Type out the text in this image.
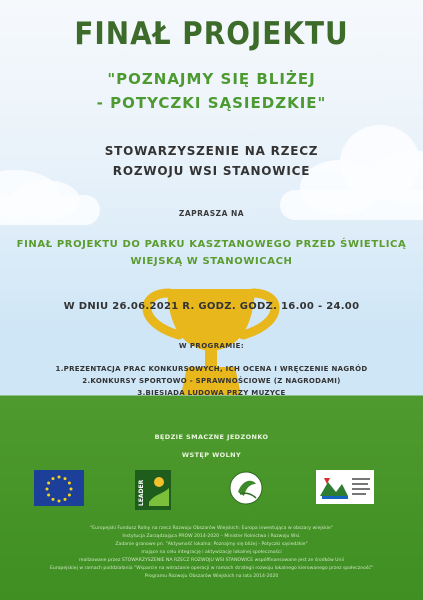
FINAŁ PROJEKTU
"POZNAJMY SIĘ BLIŻEJ
- POTYCZKI SĄSIEDZKIE"
STOWARZYSZENIE NA RZECZ
ROZWOJU WSI STANOWICE
ZAPRASZA NA
FINAŁ PROJEKTU DO PARKU KASZTANOWEGO PRZED ŚWIETLICĄ
WIEJSKĄ W STANOWICACH
W DNIU 26.06.2021 R. GODZ. GODZ. 16.00 - 24.00
W PROGRAMIE:
1.PREZENTACJA PRAC KONKURSOWYCH, ICH OCENA I WRĘCZENIE NAGRÓD
2.KONKURSY SPORTOWO - SPRAWNOŚCIOWE (Z NAGRODAMI)
3.BIESIADA LUDOWA PRZY MUZYCE
BĘDZIE SMACZNE JEDZONKO
WSTĘP WOLNY
LEADER
"Europejski Fundusz Rolny na rzecz Rozwoju Obszarów Wiejskich: Europa inwestująca w obszary wiejskie"
Instytucja Zarządzająca PROW 2014-2020 – Minister Rolnictwa i Rozwoju Wsi.
Zadanie granowe pn. "Aktywność lokalna: Poznajmy się bliżej - Potyczki sąsiedzkie"
mające na celu integrację i aktywizację lokalnej społeczności
realizowane przez STOWARZYSZENIE NA RZECZ ROZWOJU WSI STANOWICE współfinansowane jest ze środków Unii
Europejskiej w ramach poddziałania "Wsparcie na wdrażanie operacji w ramach strategii rozwoju lokalnego kierowanego przez społeczność"
Programu Rozwoju Obszarów Wiejskich na lata 2014-2020
